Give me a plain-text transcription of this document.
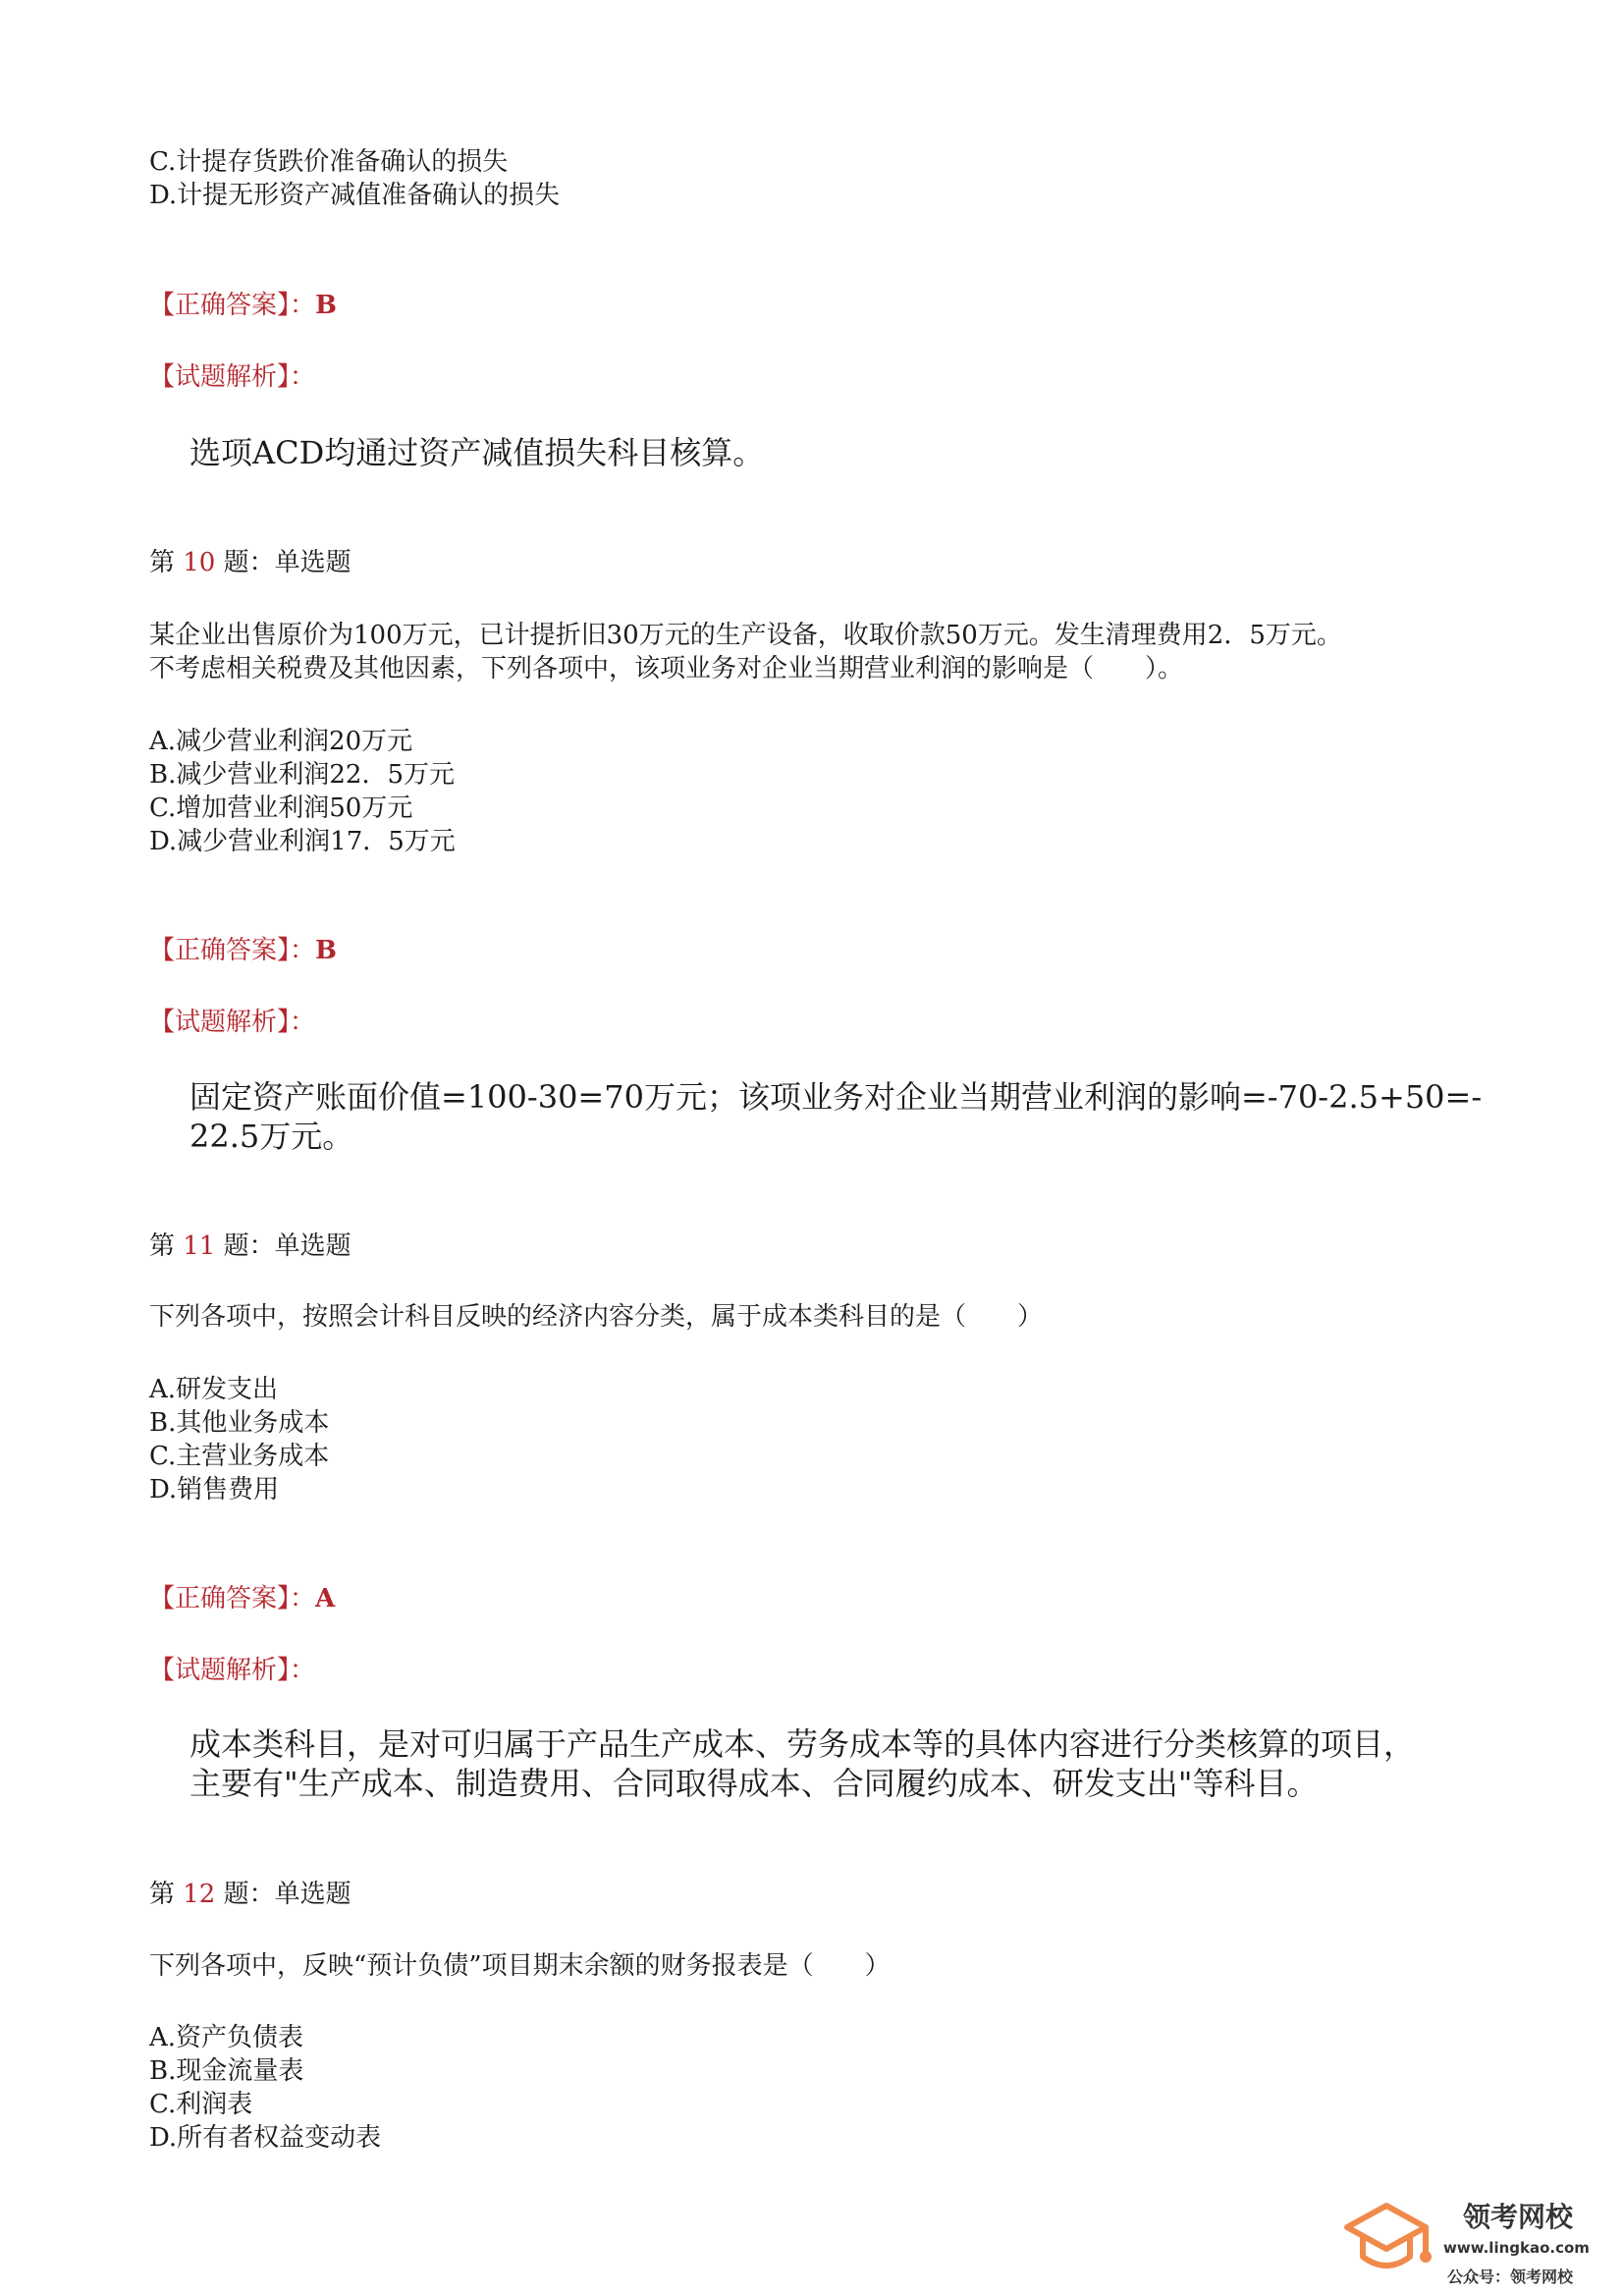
C.计提存货跌价准备确认的损失
D.计提无形资产减值准备确认的损失
【正确答案】：B
【试题解析】：
选项ACD均通过资产减值损失科目核算。
第 10 题：单选题
某企业出售原价为100万元，已计提折旧30万元的生产设备，收取价款50万元。发生清理费用2．5万元。
不考虑相关税费及其他因素，下列各项中，该项业务对企业当期营业利润的影响是（　　）。
A.减少营业利润20万元
B.减少营业利润22．5万元
C.增加营业利润50万元
D.减少营业利润17．5万元
【正确答案】：B
【试题解析】：
固定资产账面价值=100-30=70万元；该项业务对企业当期营业利润的影响=-70-2.5+50=-
22.5万元。
第 11 题：单选题
下列各项中，按照会计科目反映的经济内容分类，属于成本类科目的是（　　）
A.研发支出
B.其他业务成本
C.主营业务成本
D.销售费用
【正确答案】：A
【试题解析】：
成本类科目，是对可归属于产品生产成本、劳务成本等的具体内容进行分类核算的项目，
主要有"生产成本、制造费用、合同取得成本、合同履约成本、研发支出"等科目。
第 12 题：单选题
下列各项中，反映“预计负债”项目期末余额的财务报表是（　　）
A.资产负债表
B.现金流量表
C.利润表
D.所有者权益变动表
领考网校
www.lingkao.com
公众号：领考网校
